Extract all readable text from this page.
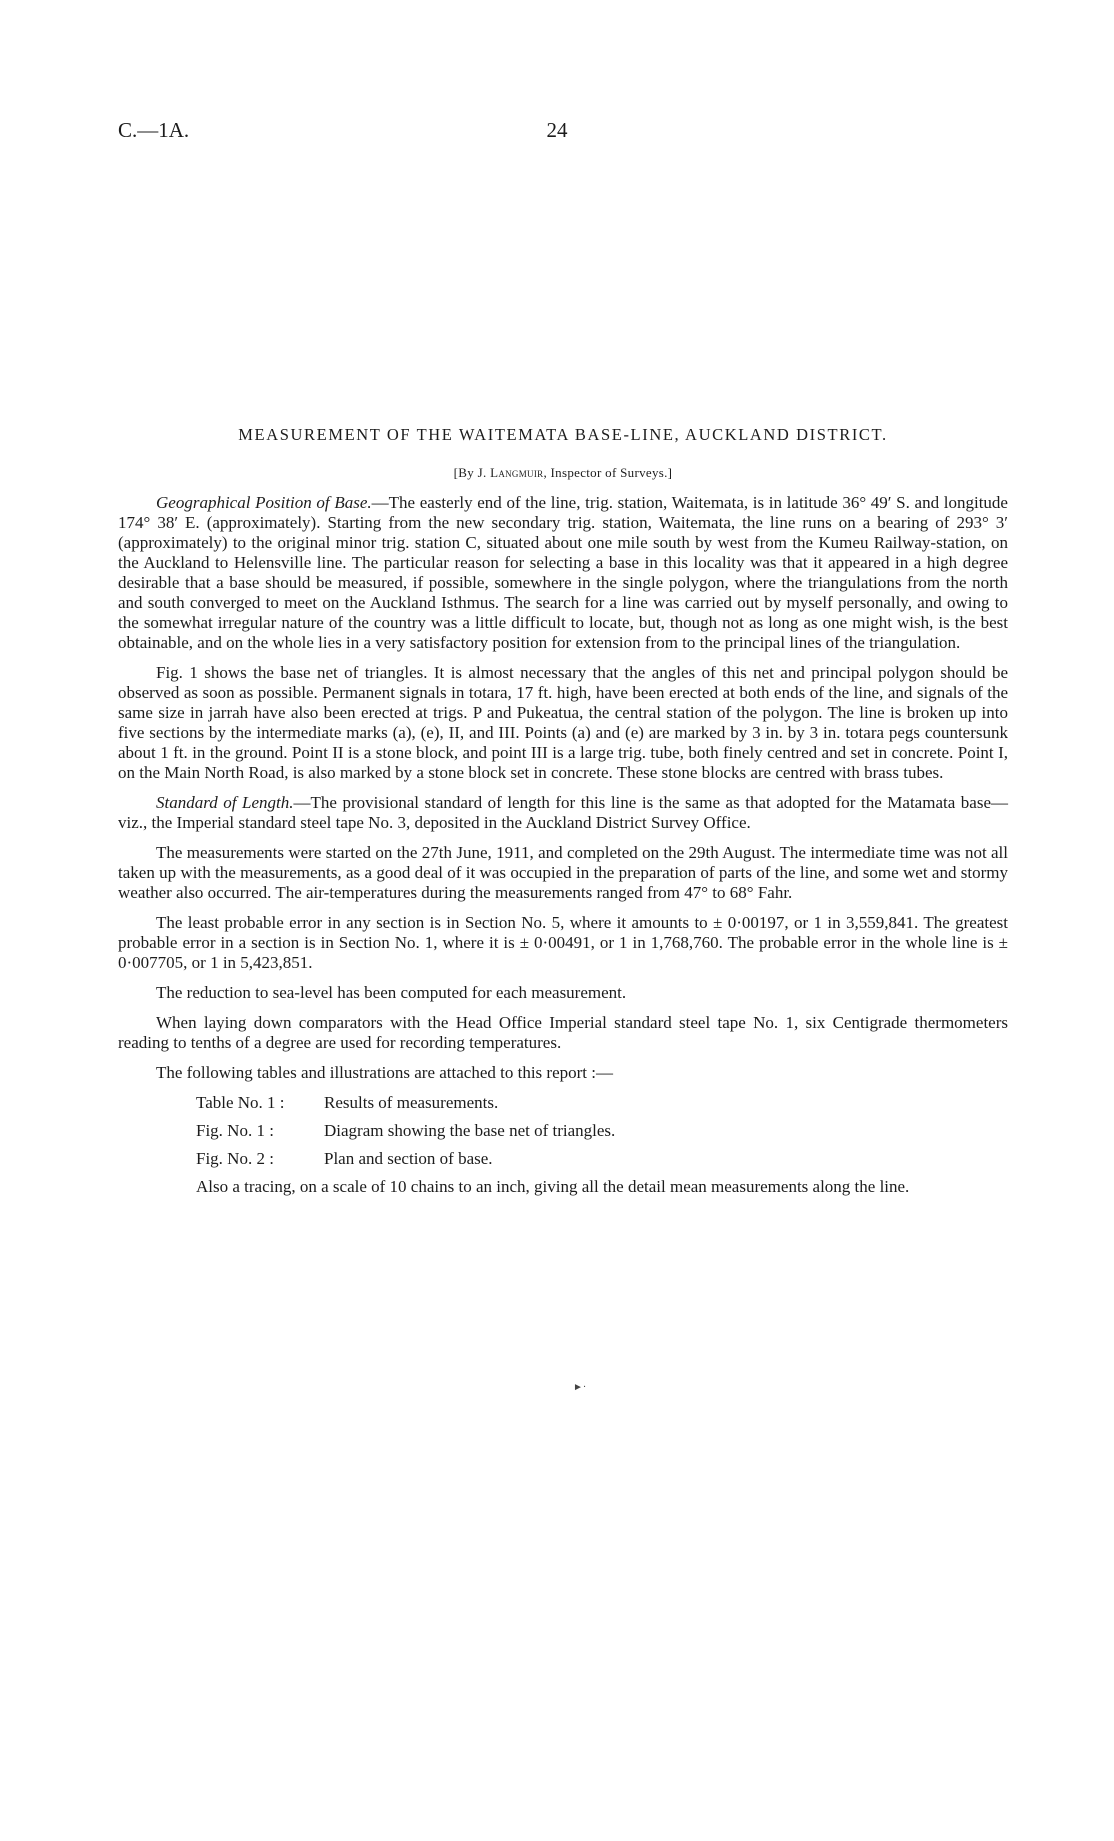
C.—1A.	24
MEASUREMENT OF THE WAITEMATA BASE-LINE, AUCKLAND DISTRICT.

[By J. Langmuir, Inspector of Surveys.]

Geographical Position of Base.—The easterly end of the line, trig. station, Waitemata, is in latitude 36° 49′ S. and longitude 174° 38′ E. (approximately). Starting from the new secondary trig. station, Waitemata, the line runs on a bearing of 293° 3′ (approximately) to the original minor trig. station C, situated about one mile south by west from the Kumeu Railway-station, on the Auckland to Helensville line. The particular reason for selecting a base in this locality was that it appeared in a high degree desirable that a base should be measured, if possible, somewhere in the single polygon, where the triangulations from the north and south converged to meet on the Auckland Isthmus. The search for a line was carried out by myself personally, and owing to the somewhat irregular nature of the country was a little difficult to locate, but, though not as long as one might wish, is the best obtainable, and on the whole lies in a very satisfactory position for extension from to the principal lines of the triangulation.

Fig. 1 shows the base net of triangles. It is almost necessary that the angles of this net and principal polygon should be observed as soon as possible. Permanent signals in totara, 17 ft. high, have been erected at both ends of the line, and signals of the same size in jarrah have also been erected at trigs. P and Pukeatua, the central station of the polygon. The line is broken up into five sections by the intermediate marks (a), (e), II, and III. Points (a) and (e) are marked by 3 in. by 3 in. totara pegs countersunk about 1 ft. in the ground. Point II is a stone block, and point III is a large trig. tube, both finely centred and set in concrete. Point I, on the Main North Road, is also marked by a stone block set in concrete. These stone blocks are centred with brass tubes.

Standard of Length.—The provisional standard of length for this line is the same as that adopted for the Matamata base—viz., the Imperial standard steel tape No. 3, deposited in the Auckland District Survey Office.

The measurements were started on the 27th June, 1911, and completed on the 29th August. The intermediate time was not all taken up with the measurements, as a good deal of it was occupied in the preparation of parts of the line, and some wet and stormy weather also occurred. The air-temperatures during the measurements ranged from 47° to 68° Fahr.

The least probable error in any section is in Section No. 5, where it amounts to ± 0·00197, or 1 in 3,559,841. The greatest probable error in a section is in Section No. 1, where it is ± 0·00491, or 1 in 1,768,760. The probable error in the whole line is ± 0·007705, or 1 in 5,423,851.

The reduction to sea-level has been computed for each measurement.

When laying down comparators with the Head Office Imperial standard steel tape No. 1, six Centigrade thermometers reading to tenths of a degree are used for recording temperatures.

The following tables and illustrations are attached to this report :—

Table No. 1 : Results of measurements.
Fig. No. 1 :	Diagram showing the base net of triangles.
Fig. No. 2 :	Plan and section of base.
Also a tracing, on a scale of 10 chains to an inch, giving all the detail mean measurements along the line.
►·
